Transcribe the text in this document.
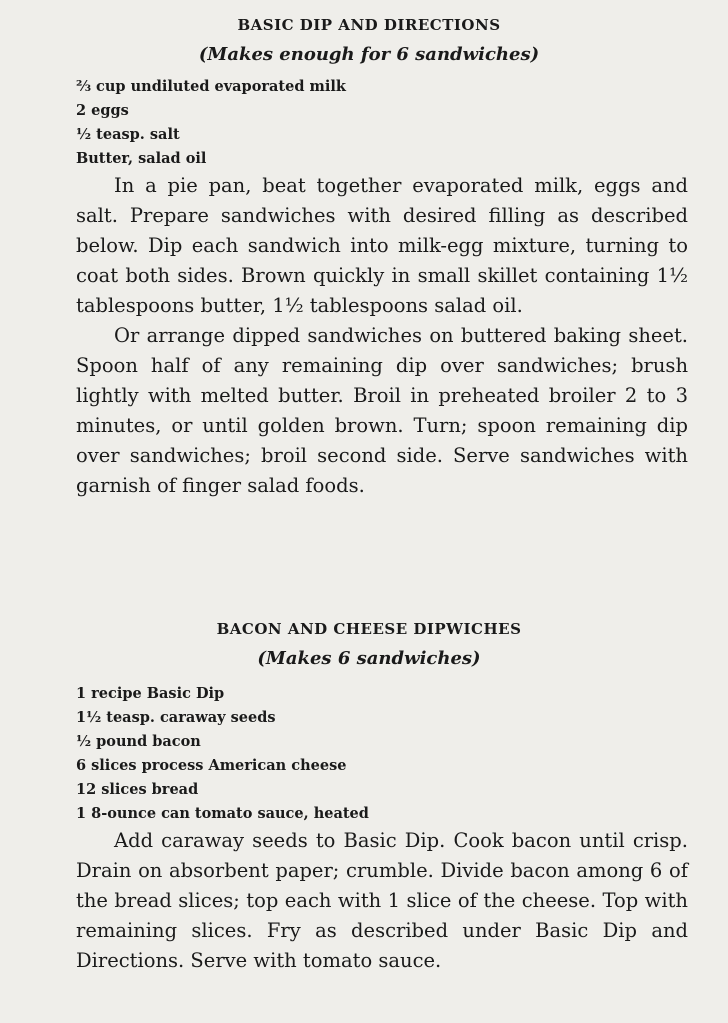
BASIC DIP AND DIRECTIONS
(Makes enough for 6 sandwiches)
⅔ cup undiluted evaporated milk
2 eggs
½ teasp. salt
Butter, salad oil

In a pie pan, beat together evaporated milk, eggs and salt. Prepare sandwiches with desired filling as described below. Dip each sandwich into milk-egg mixture, turning to coat both sides. Brown quickly in small skillet containing 1½ tablespoons butter, 1½ tablespoons salad oil.

Or arrange dipped sandwiches on buttered baking sheet. Spoon half of any remaining dip over sandwiches; brush lightly with melted butter. Broil in preheated broiler 2 to 3 minutes, or until golden brown. Turn; spoon remaining dip over sandwiches; broil second side. Serve sandwiches with garnish of finger salad foods.

BACON AND CHEESE DIPWICHES
(Makes 6 sandwiches)
1 recipe Basic Dip
1½ teasp. caraway seeds
½ pound bacon
6 slices process American cheese
12 slices bread
1 8-ounce can tomato sauce, heated

Add caraway seeds to Basic Dip. Cook bacon until crisp. Drain on absorbent paper; crumble. Divide bacon among 6 of the bread slices; top each with 1 slice of the cheese. Top with remaining slices. Fry as described under Basic Dip and Directions. Serve with tomato sauce.
